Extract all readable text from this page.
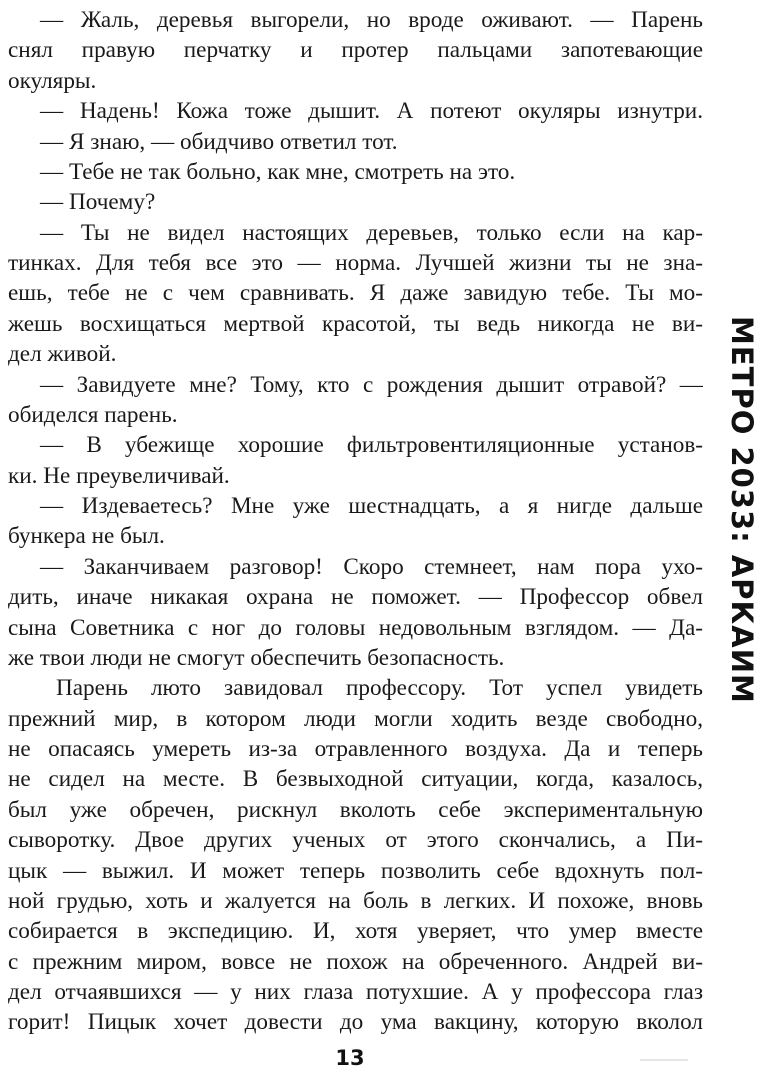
— Жаль, деревья выгорели, но вроде оживают. — Парень
снял правую перчатку и протер пальцами запотевающие
окуляры.
— Надень! Кожа тоже дышит. А потеют окуляры изнутри.
— Я знаю, — обидчиво ответил тот.
— Тебе не так больно, как мне, смотреть на это.
— Почему?
— Ты не видел настоящих деревьев, только если на кар-
тинках. Для тебя все это — норма. Лучшей жизни ты не зна-
ешь, тебе не с чем сравнивать. Я даже завидую тебе. Ты мо-
жешь восхищаться мертвой красотой, ты ведь никогда не ви-
дел живой.
— Завидуете мне? Тому, кто с рождения дышит отравой? —
обиделся парень.
— В убежище хорошие фильтровентиляционные установ-
ки. Не преувеличивай.
— Издеваетесь? Мне уже шестнадцать, а я нигде дальше
бункера не был.
— Заканчиваем разговор! Скоро стемнеет, нам пора ухо-
дить, иначе никакая охрана не поможет. — Профессор обвел
сына Советника с ног до головы недовольным взглядом. — Да-
же твои люди не смогут обеспечить безопасность.
Парень люто завидовал профессору. Тот успел увидеть
прежний мир, в котором люди могли ходить везде свободно,
не опасаясь умереть из-за отравленного воздуха. Да и теперь
не сидел на месте. В безвыходной ситуации, когда, казалось,
был уже обречен, рискнул вколоть себе экспериментальную
сыворотку. Двое других ученых от этого скончались, а Пи-
цык — выжил. И может теперь позволить себе вдохнуть пол-
ной грудью, хоть и жалуется на боль в легких. И похоже, вновь
собирается в экспедицию. И, хотя уверяет, что умер вместе
с прежним миром, вовсе не похож на обреченного. Андрей ви-
дел отчаявшихся — у них глаза потухшие. А у профессора глаз
горит! Пицык хочет довести до ума вакцину, которую вколол
МЕТРО 2033: АРКАИМ
13
